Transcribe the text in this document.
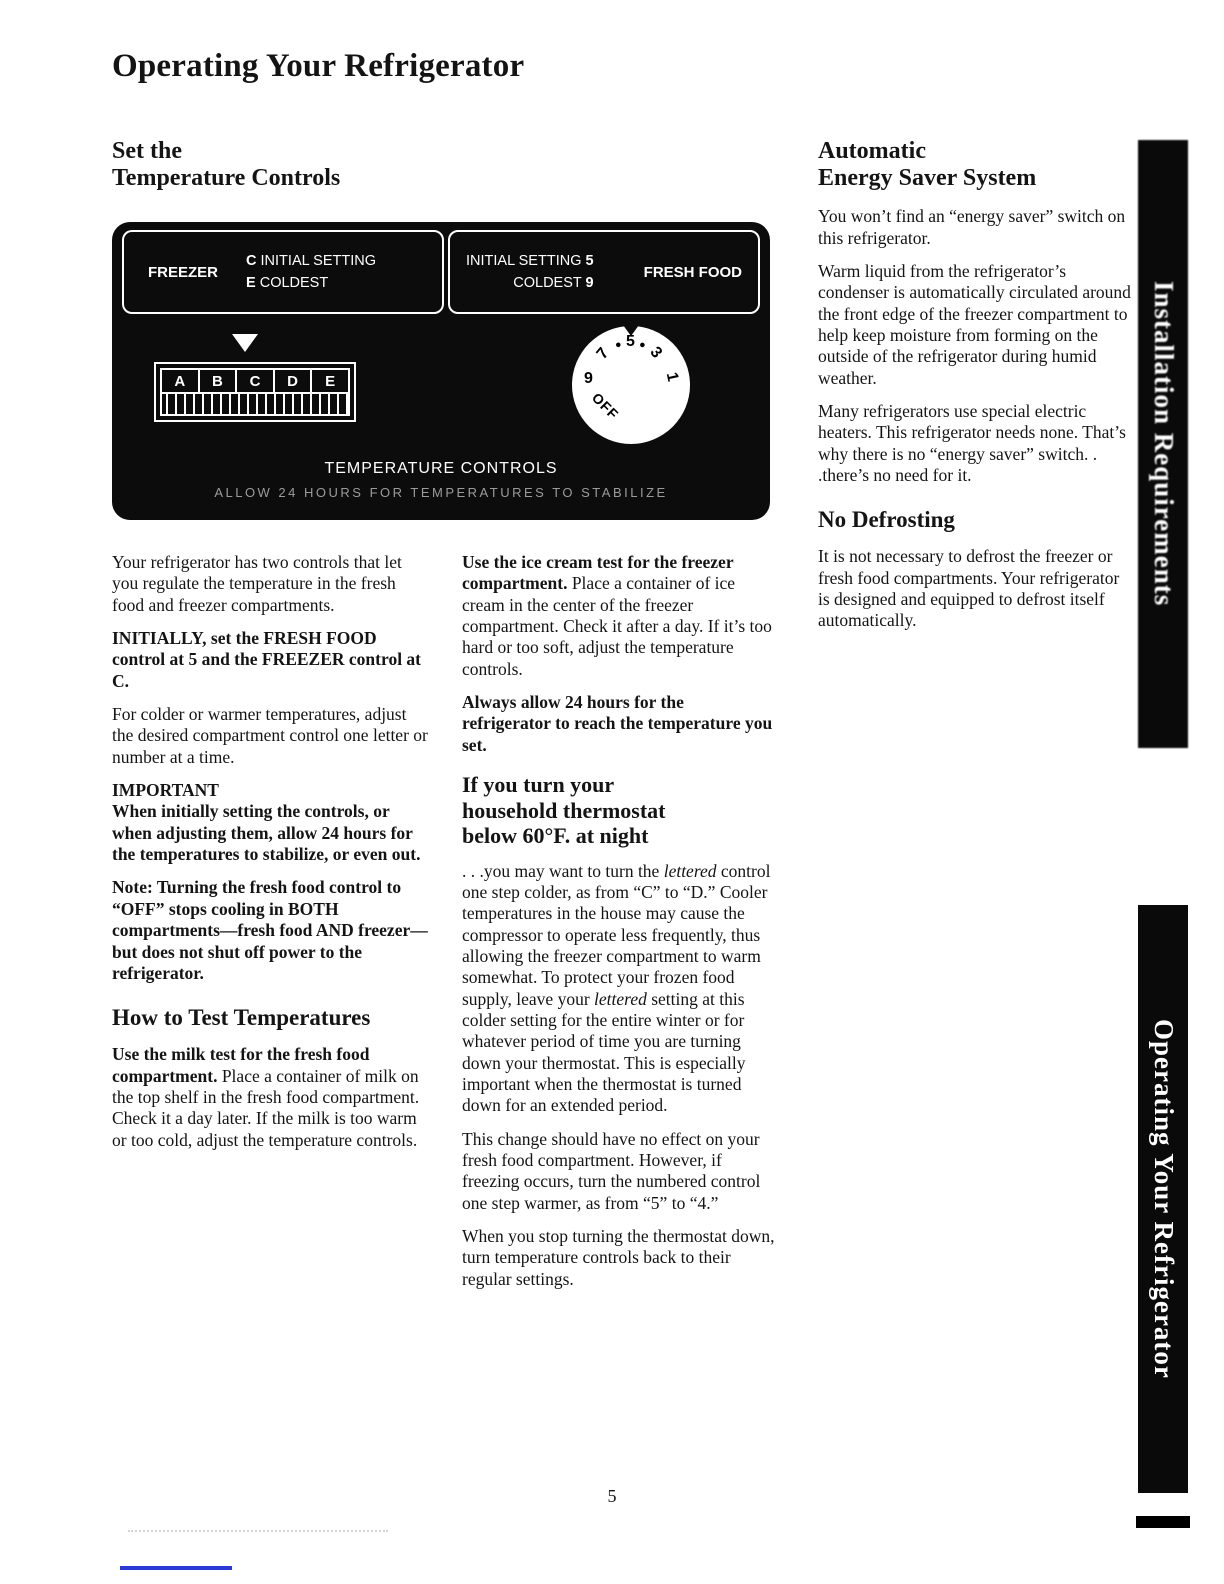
Operating Your Refrigerator
Set the
Temperature Controls
FREEZER
C INITIAL SETTING
E COLDEST
INITIAL SETTING 5
COLDEST 9
FRESH FOOD
A	B	C	D	E	9
7 • 5 •
3
1
OFF
TEMPERATURE CONTROLS
ALLOW 24 HOURS FOR TEMPERATURES TO STABILIZE

Your refrigerator has two controls that let you regulate the temperature in the fresh food and freezer compartments.

INITIALLY, set the FRESH FOOD control at 5 and the FREEZER control at C.

For colder or warmer temperatures, adjust the desired compartment control one letter or number at a time.

IMPORTANT
When initially setting the controls, or when adjusting them, allow 24 hours for the temperatures to stabilize, or even out.

Note: Turning the fresh food control to “OFF” stops cooling in BOTH compartments—fresh food AND freezer—but does not shut off power to the refrigerator.

How to Test Temperatures

Use the milk test for the fresh food compartment. Place a container of milk on the top shelf in the fresh food compartment. Check it a day later. If the milk is too warm or too cold, adjust the temperature controls.

Use the ice cream test for the freezer compartment. Place a container of ice cream in the center of the freezer compartment. Check it after a day. If it’s too hard or too soft, adjust the temperature controls.

Always allow 24 hours for the refrigerator to reach the temperature you set.

If you turn your
household thermostat
below 60°F. at night

. . .you may want to turn the lettered control one step colder, as from “C” to “D.” Cooler temperatures in the house may cause the compressor to operate less frequently, thus allowing the freezer compartment to warm somewhat. To protect your frozen food supply, leave your lettered setting at this colder setting for the entire winter or for whatever period of time you are turning down your thermostat. This is especially important when the thermostat is turned down for an extended period.

This change should have no effect on your fresh food compartment. However, if freezing occurs, turn the numbered control one step warmer, as from “5” to “4.”

When you stop turning the thermostat down, turn temperature controls back to their regular settings.

Automatic
Energy Saver System

You won’t find an “energy saver” switch on this refrigerator.

Warm liquid from the refrigerator’s condenser is automatically circulated around the front edge of the freezer compartment to help keep moisture from forming on the outside of the refrigerator during humid weather.

Many refrigerators use special electric heaters. This refrigerator needs none. That’s why there is no “energy saver” switch. . .there’s no need for it.

No Defrosting

It is not necessary to defrost the freezer or fresh food compartments. Your refrigerator is designed and equipped to defrost itself automatically.

Installation Requirements
Operating Your Refrigerator
5
